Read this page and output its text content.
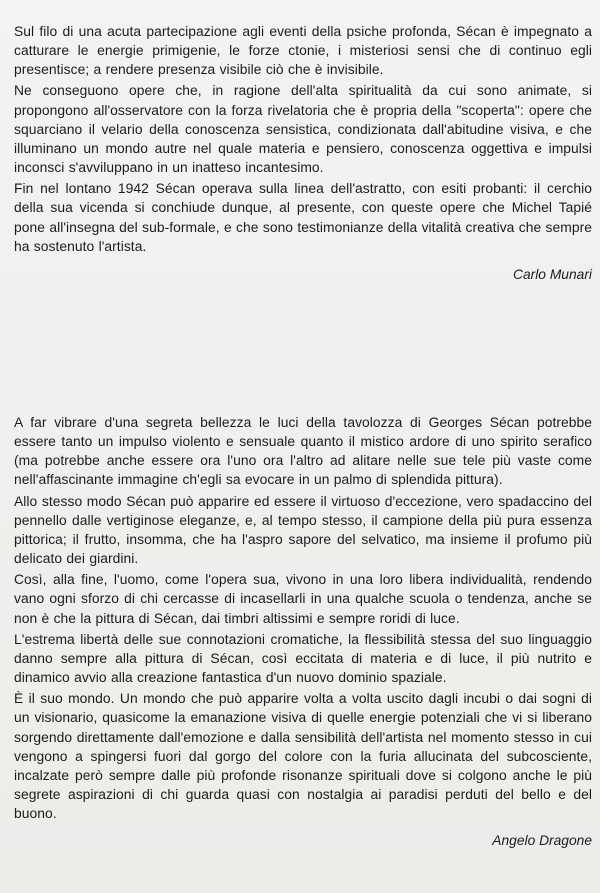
Sul filo di una acuta partecipazione agli eventi della psiche profonda, Sécan è impegnato a catturare le energie primigenie, le forze ctonie, i misteriosi sensi che di continuo egli presentisce; a rendere presenza visibile ciò che è invisibile.

Ne conseguono opere che, in ragione dell'alta spiritualità da cui sono animate, si propongono all'osservatore con la forza rivelatoria che è propria della "scoperta": opere che squarciano il velario della conoscenza sensistica, condizionata dall'abitudine visiva, e che illuminano un mondo autre nel quale materia e pensiero, conoscenza oggettiva e impulsi inconsci s'avviluppano in un inatteso incantesimo.

Fin nel lontano 1942 Sécan operava sulla linea dell'astratto, con esiti probanti: il cerchio della sua vicenda si conchiude dunque, al presente, con queste opere che Michel Tapié pone all'insegna del sub-formale, e che sono testimonianze della vitalità creativa che sempre ha sostenuto l'artista.

Carlo Munari

A far vibrare d'una segreta bellezza le luci della tavolozza di Georges Sécan potrebbe essere tanto un impulso violento e sensuale quanto il mistico ardore di uno spirito serafico (ma potrebbe anche essere ora l'uno ora l'altro ad alitare nelle sue tele più vaste come nell'affascinante immagine ch'egli sa evocare in un palmo di splendida pittura).

Allo stesso modo Sécan può apparire ed essere il virtuoso d'eccezione, vero spadaccino del pennello dalle vertiginose eleganze, e, al tempo stesso, il campione della più pura essenza pittorica; il frutto, insomma, che ha l'aspro sapore del selvatico, ma insieme il profumo più delicato dei giardini.

Così, alla fine, l'uomo, come l'opera sua, vivono in una loro libera individualità, rendendo vano ogni sforzo di chi cercasse di incasellarli in una qualche scuola o tendenza, anche se non è che la pittura di Sécan, dai timbri altissimi e sempre roridi di luce.

L'estrema libertà delle sue connotazioni cromatiche, la flessibilità stessa del suo linguaggio danno sempre alla pittura di Sécan, così eccitata di materia e di luce, il più nutrito e dinamico avvio alla creazione fantastica d'un nuovo dominio spaziale.

È il suo mondo. Un mondo che può apparire volta a volta uscito dagli incubi o dai sogni di un visionario, quasicome la emanazione visiva di quelle energie potenziali che vi si liberano sorgendo direttamente dall'emozione e dalla sensibilità dell'artista nel momento stesso in cui vengono a spingersi fuori dal gorgo del colore con la furia allucinata del subcosciente, incalzate però sempre dalle più profonde risonanze spirituali dove si colgono anche le più segrete aspirazioni di chi guarda quasi con nostalgia ai paradisi perduti del bello e del buono.

Angelo Dragone
